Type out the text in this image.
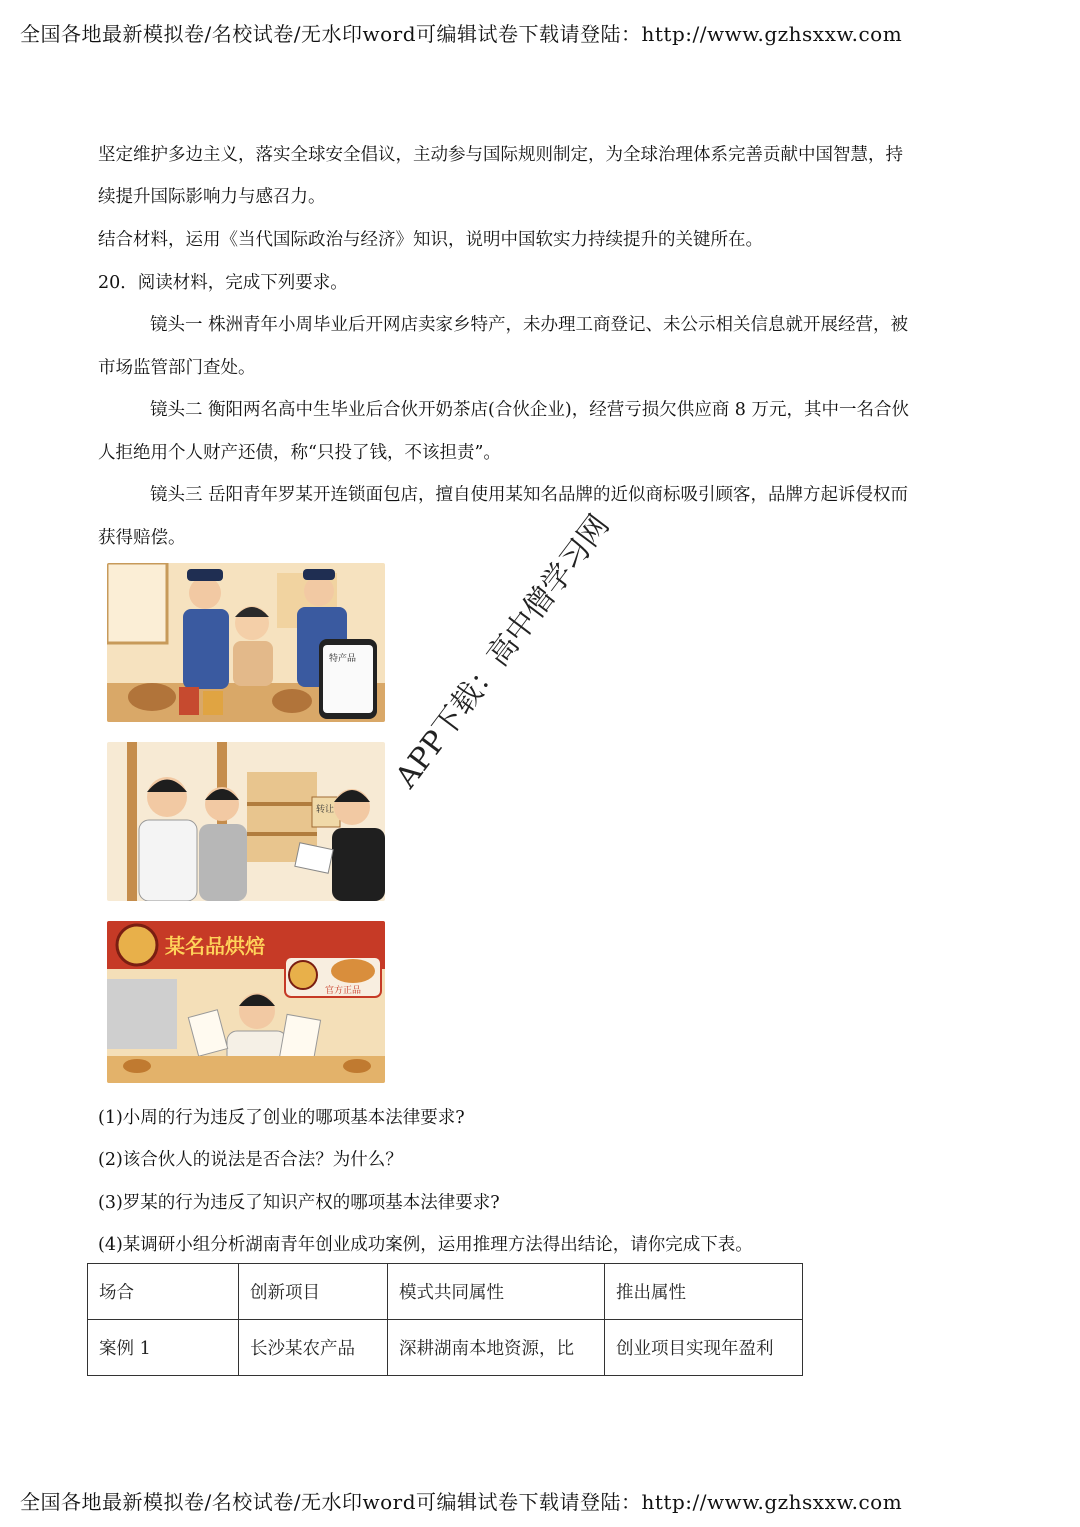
全国各地最新模拟卷/名校试卷/无水印word可编辑试卷下载请登陆：http://www.gzhsxxw.com
坚定维护多边主义，落实全球安全倡议，主动参与国际规则制定，为全球治理体系完善贡献中国智慧，持
续提升国际影响力与感召力。
结合材料，运用《当代国际政治与经济》知识，说明中国软实力持续提升的关键所在。
20．阅读材料，完成下列要求。
镜头一 株洲青年小周毕业后开网店卖家乡特产，未办理工商登记、未公示相关信息就开展经营，被
市场监管部门查处。
镜头二 衡阳两名高中生毕业后合伙开奶茶店(合伙企业)，经营亏损欠供应商 8 万元，其中一名合伙
人拒绝用个人财产还债，称“只投了钱，不该担责”。
镜头三 岳阳青年罗某开连锁面包店，擅自使用某知名品牌的近似商标吸引顾客，品牌方起诉侵权而
获得赔偿。
特产品
转让
某名品烘焙
官方正品
APP下载：高中僧学习网
(1)小周的行为违反了创业的哪项基本法律要求?
(2)该合伙人的说法是否合法？为什么？
(3)罗某的行为违反了知识产权的哪项基本法律要求?
(4)某调研小组分析湖南青年创业成功案例，运用推理方法得出结论，请你完成下表。
场合	创新项目	模式共同属性	推出属性
案例 1	长沙某农产品	深耕湖南本地资源，比	创业项目实现年盈利
全国各地最新模拟卷/名校试卷/无水印word可编辑试卷下载请登陆：http://www.gzhsxxw.com
